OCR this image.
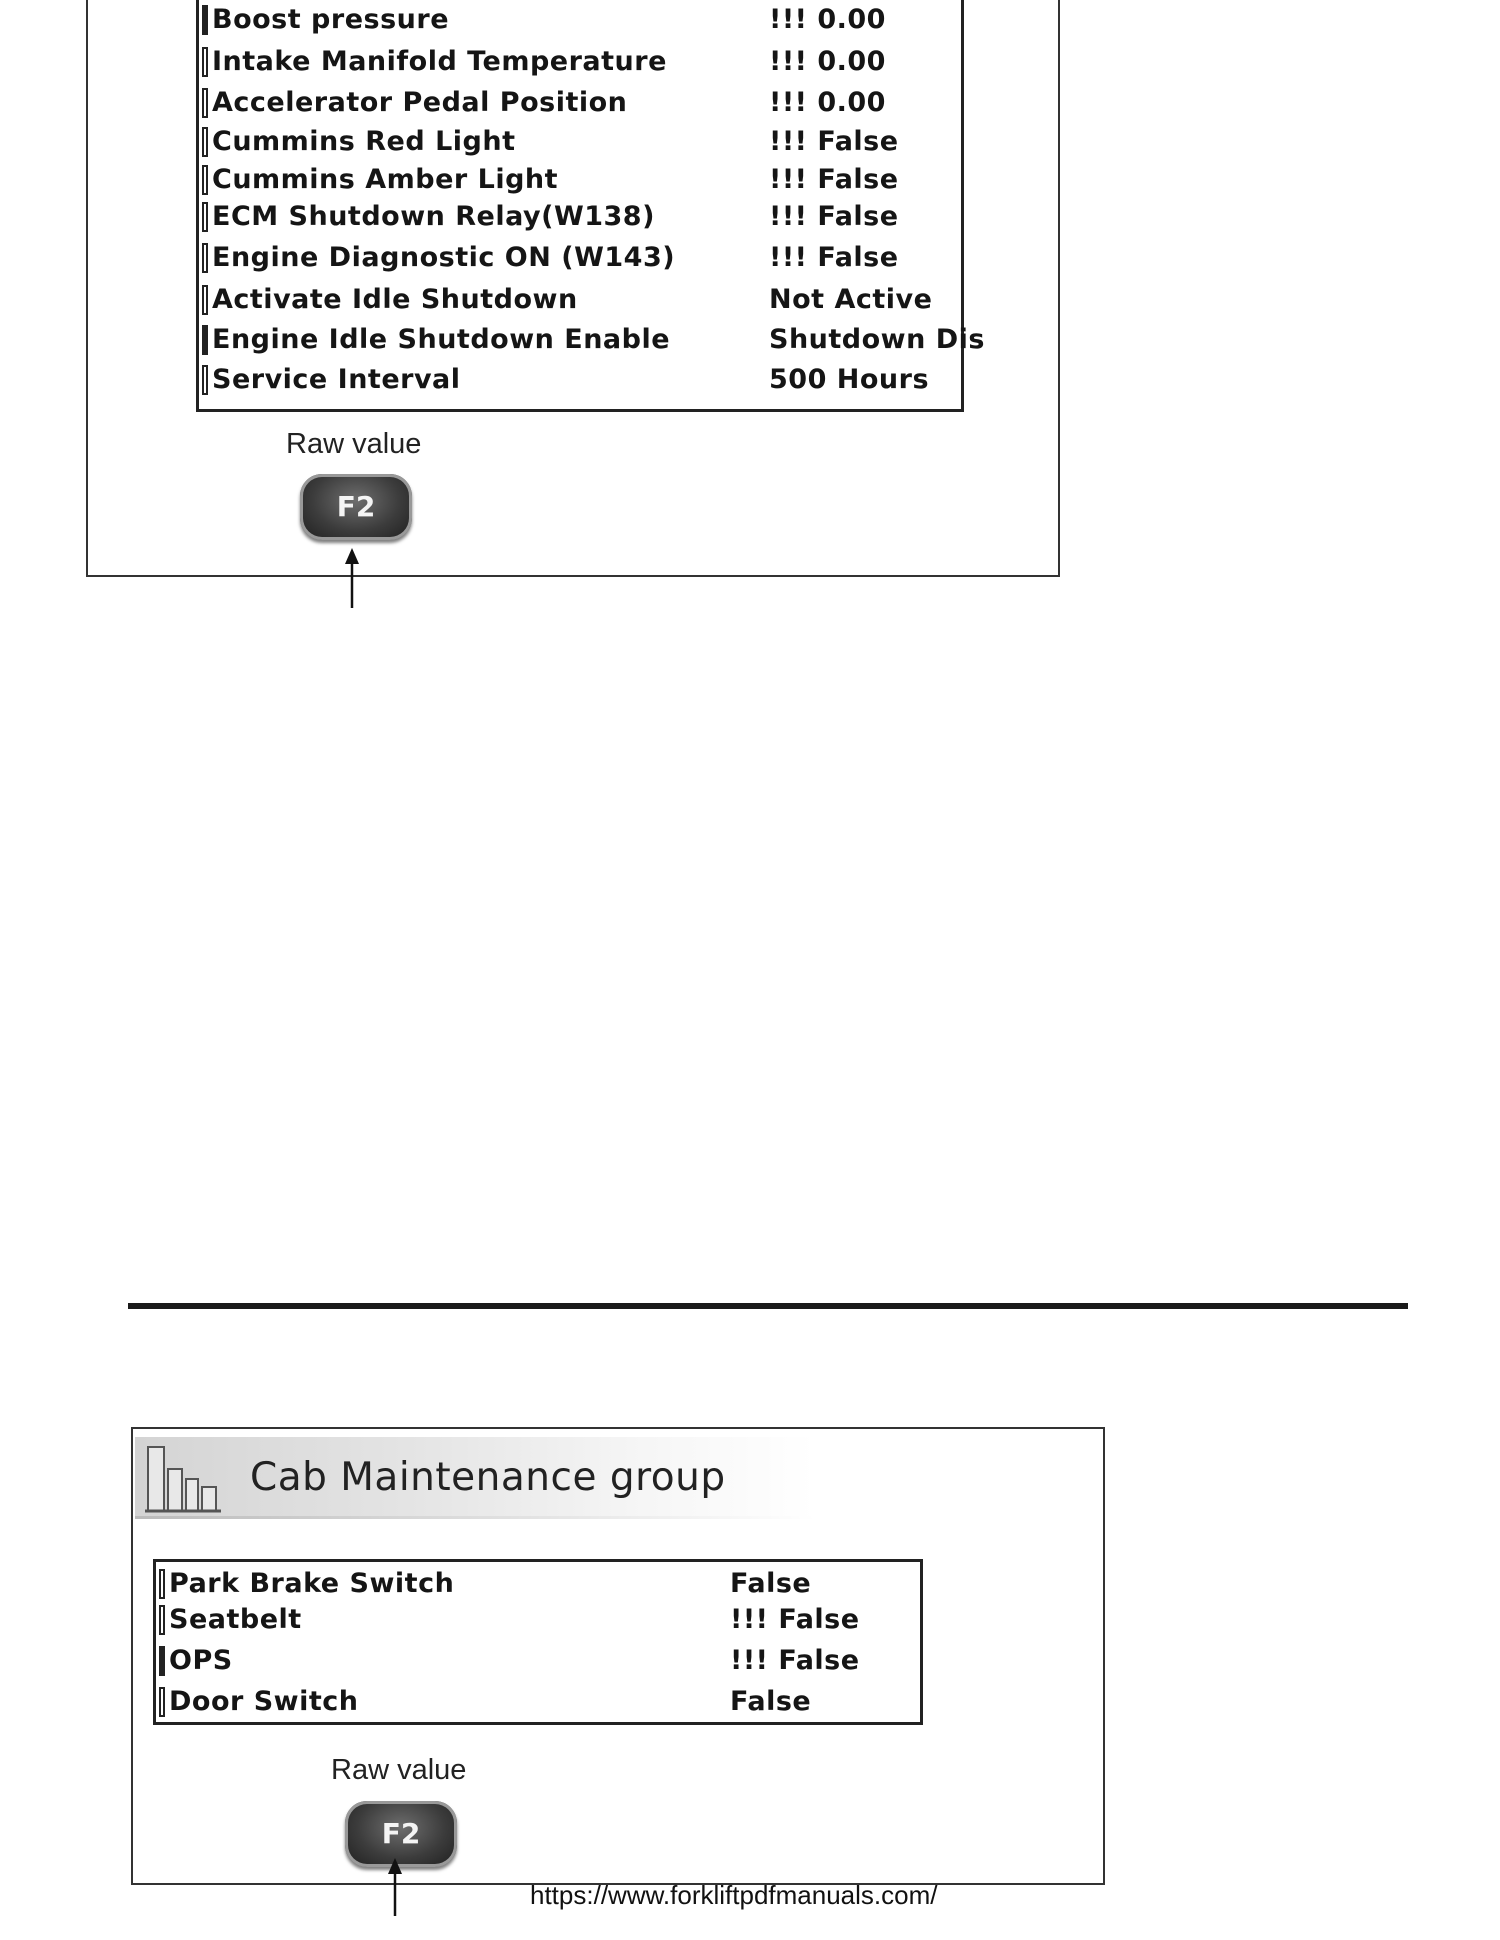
Boost pressure	!!! 0.00
Intake Manifold Temperature	!!! 0.00
Accelerator Pedal Position	!!! 0.00
Cummins Red Light	!!! False
Cummins Amber Light	!!! False
ECM Shutdown Relay(W138)	!!! False
Engine Diagnostic ON (W143)	!!! False
Activate Idle Shutdown	Not Active
Engine Idle Shutdown Enable	Shutdown Dis
Service Interval	500 Hours
Raw value
F2
Cab Maintenance group
Park Brake Switch	False
Seatbelt	!!! False
OPS	!!! False
Door Switch	False
Raw value
F2
https://www.forkliftpdfmanuals.com/
